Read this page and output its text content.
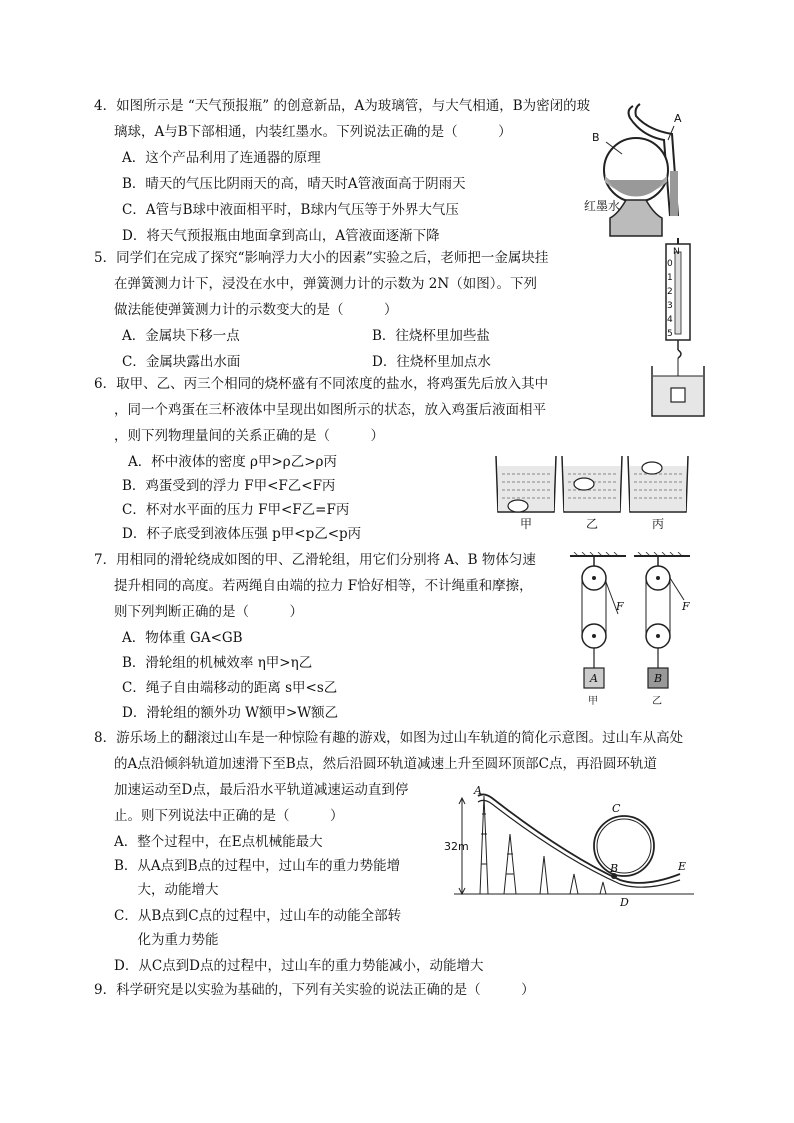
4．如图所示是 “天气预报瓶” 的创意新品，A为玻璃管，与大气相通，B为密闭的玻
璃球，A与B下部相通，内装红墨水。下列说法正确的是（　　　）
A．这个产品利用了连通器的原理
B．晴天的气压比阴雨天的高，晴天时A管液面高于阴雨天
C．A管与B球中液面相平时，B球内气压等于外界大气压
D．将天气预报瓶由地面拿到高山，A管液面逐渐下降
B
A
红墨水
5．同学们在完成了探究“影响浮力大小的因素”实验之后，老师把一金属块挂
在弹簧测力计下，浸没在水中，弹簧测力计的示数为 2N（如图）。下列
做法能使弹簧测力计的示数变大的是（　　　）
A．金属块下移一点	B．往烧杯里加些盐
C．金属块露出水面	D．往烧杯里加点水
N
0
1
2
3
4
5
6．取甲、乙、丙三个相同的烧杯盛有不同浓度的盐水，将鸡蛋先后放入其中
，同一个鸡蛋在三杯液体中呈现出如图所示的状态，放入鸡蛋后液面相平
，则下列物理量间的关系正确的是（　　　）
A．杯中液体的密度 ρ甲>ρ乙>ρ丙
B．鸡蛋受到的浮力 F甲<F乙<F丙
C．杯对水平面的压力 F甲<F乙=F丙
D．杯子底受到液体压强 p甲<p乙<p丙
甲	乙	丙
7．用相同的滑轮绕成如图的甲、乙滑轮组，用它们分别将 A、B 物体匀速
提升相同的高度。若两绳自由端的拉力 F恰好相等，不计绳重和摩擦，
则下列判断正确的是（　　　）
A．物体重 GA<GB
B．滑轮组的机械效率 η甲>η乙
C．绳子自由端移动的距离 s甲<s乙
D．滑轮组的额外功 W额甲>W额乙
A
F
甲
B
F
乙
8．游乐场上的翻滚过山车是一种惊险有趣的游戏，如图为过山车轨道的简化示意图。过山车从高处
的A点沿倾斜轨道加速滑下至B点，然后沿圆环轨道减速上升至圆环顶部C点，再沿圆环轨道
加速运动至D点，最后沿水平轨道减速运动直到停
止。则下列说法中正确的是（　　　）
A．整个过程中，在E点机械能最大
B．从A点到B点的过程中，过山车的重力势能增
　大，动能增大
C．从B点到C点的过程中，过山车的动能全部转
　化为重力势能
D．从C点到D点的过程中，过山车的重力势能减小，动能增大
32m
A
B
C
D
E
9．科学研究是以实验为基础的，下列有关实验的说法正确的是（　　　）
